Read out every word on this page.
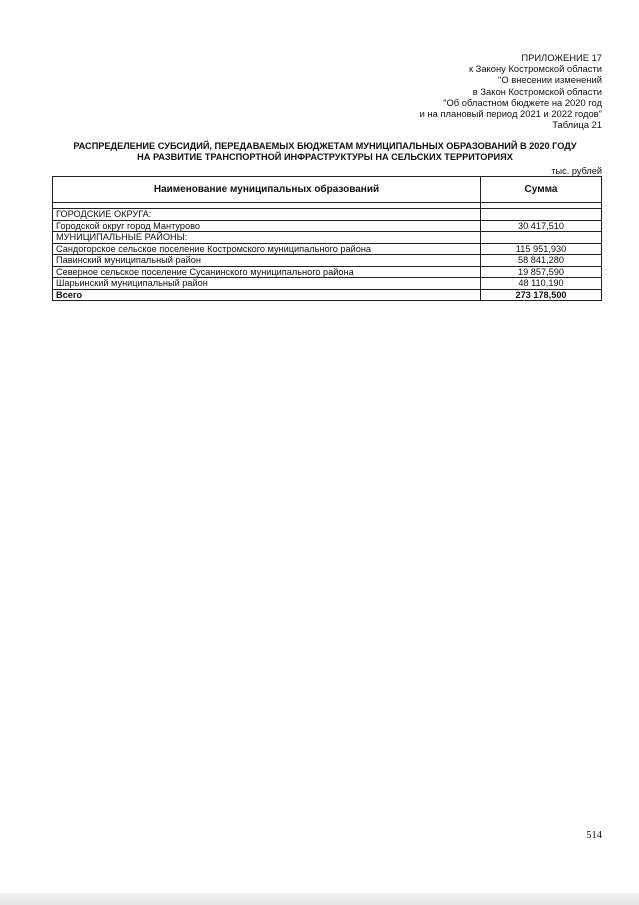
ПРИЛОЖЕНИЕ 17
к Закону Костромской области
"О внесении изменений
в Закон Костромской области
"Об областном бюджете на 2020 год
и на плановый период 2021 и 2022 годов"
Таблица 21
РАСПРЕДЕЛЕНИЕ СУБСИДИЙ, ПЕРЕДАВАЕМЫХ БЮДЖЕТАМ МУНИЦИПАЛЬНЫХ ОБРАЗОВАНИЙ В 2020 ГОДУ
НА РАЗВИТИЕ ТРАНСПОРТНОЙ ИНФРАСТРУКТУРЫ НА СЕЛЬСКИХ ТЕРРИТОРИЯХ
тыс. рублей
Наименование муниципальных образований	Сумма

ГОРОДСКИЕ ОКРУГА:	
Городской округ город Мантурово	30 417,510
МУНИЦИПАЛЬНЫЕ РАЙОНЫ:	
Сандогорское сельское поселение Костромского муниципального района	115 951,930
Павинский муниципальный район	58 841,280
Северное сельское поселение Сусанинского муниципального района	19 857,590
Шарьинский муниципальный район	48 110,190
Всего	273 178,500
514
